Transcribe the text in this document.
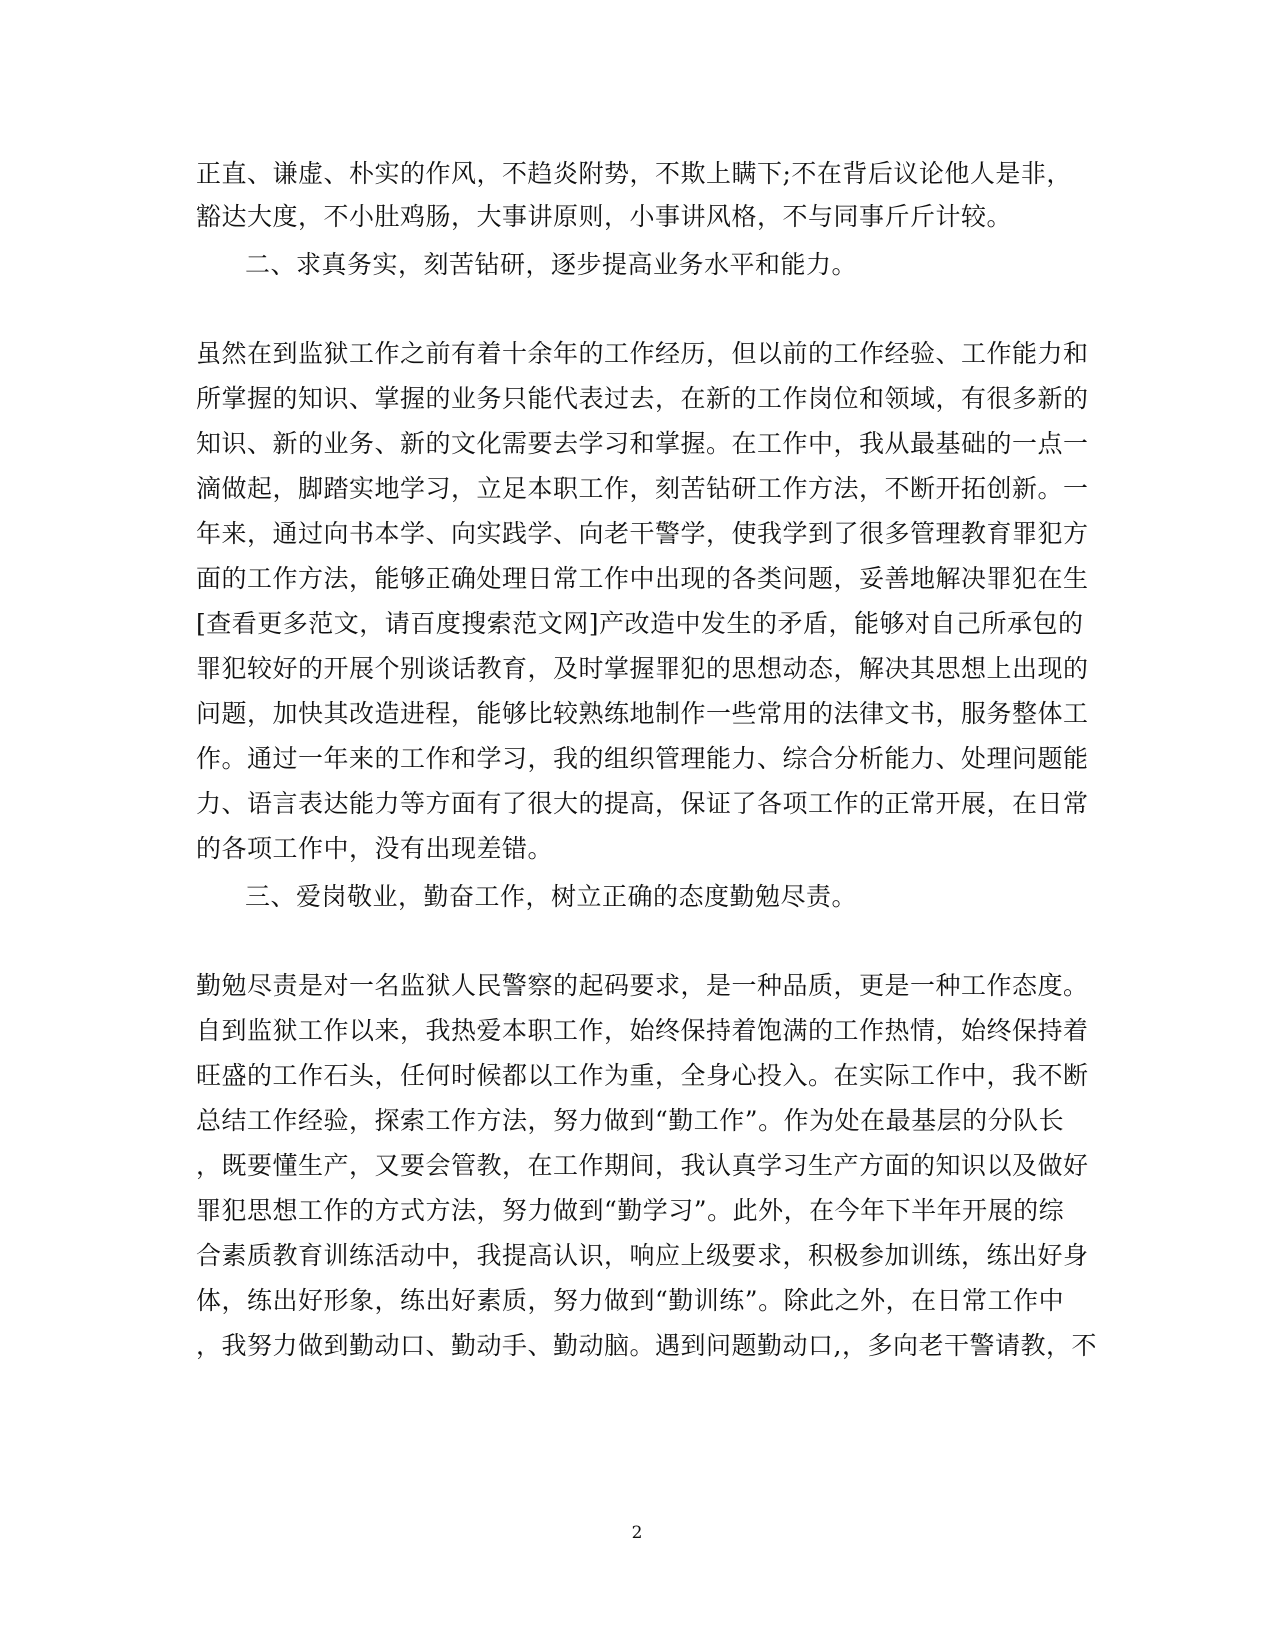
正直、谦虚、朴实的作风，不趋炎附势，不欺上瞒下;不在背后议论他人是非，
豁达大度，不小肚鸡肠，大事讲原则，小事讲风格，不与同事斤斤计较。
二、求真务实，刻苦钻研，逐步提高业务水平和能力。
虽然在到监狱工作之前有着十余年的工作经历，但以前的工作经验、工作能力和
所掌握的知识、掌握的业务只能代表过去，在新的工作岗位和领域，有很多新的
知识、新的业务、新的文化需要去学习和掌握。在工作中，我从最基础的一点一
滴做起，脚踏实地学习，立足本职工作，刻苦钻研工作方法，不断开拓创新。一
年来，通过向书本学、向实践学、向老干警学，使我学到了很多管理教育罪犯方
面的工作方法，能够正确处理日常工作中出现的各类问题，妥善地解决罪犯在生
[查看更多范文，请百度搜索范文网]产改造中发生的矛盾，能够对自己所承包的
罪犯较好的开展个别谈话教育，及时掌握罪犯的思想动态，解决其思想上出现的
问题，加快其改造进程，能够比较熟练地制作一些常用的法律文书，服务整体工
作。通过一年来的工作和学习，我的组织管理能力、综合分析能力、处理问题能
力、语言表达能力等方面有了很大的提高，保证了各项工作的正常开展，在日常
的各项工作中，没有出现差错。
三、爱岗敬业，勤奋工作，树立正确的态度勤勉尽责。
勤勉尽责是对一名监狱人民警察的起码要求，是一种品质，更是一种工作态度。
自到监狱工作以来，我热爱本职工作，始终保持着饱满的工作热情，始终保持着
旺盛的工作石头，任何时候都以工作为重，全身心投入。在实际工作中，我不断
总结工作经验，探索工作方法，努力做到“勤工作”。作为处在最基层的分队长
，既要懂生产，又要会管教，在工作期间，我认真学习生产方面的知识以及做好
罪犯思想工作的方式方法，努力做到“勤学习”。此外，在今年下半年开展的综
合素质教育训练活动中，我提高认识，响应上级要求，积极参加训练，练出好身
体，练出好形象，练出好素质，努力做到“勤训练”。除此之外，在日常工作中
，我努力做到勤动口、勤动手、勤动脑。遇到问题勤动口,，多向老干警请教，不
2
